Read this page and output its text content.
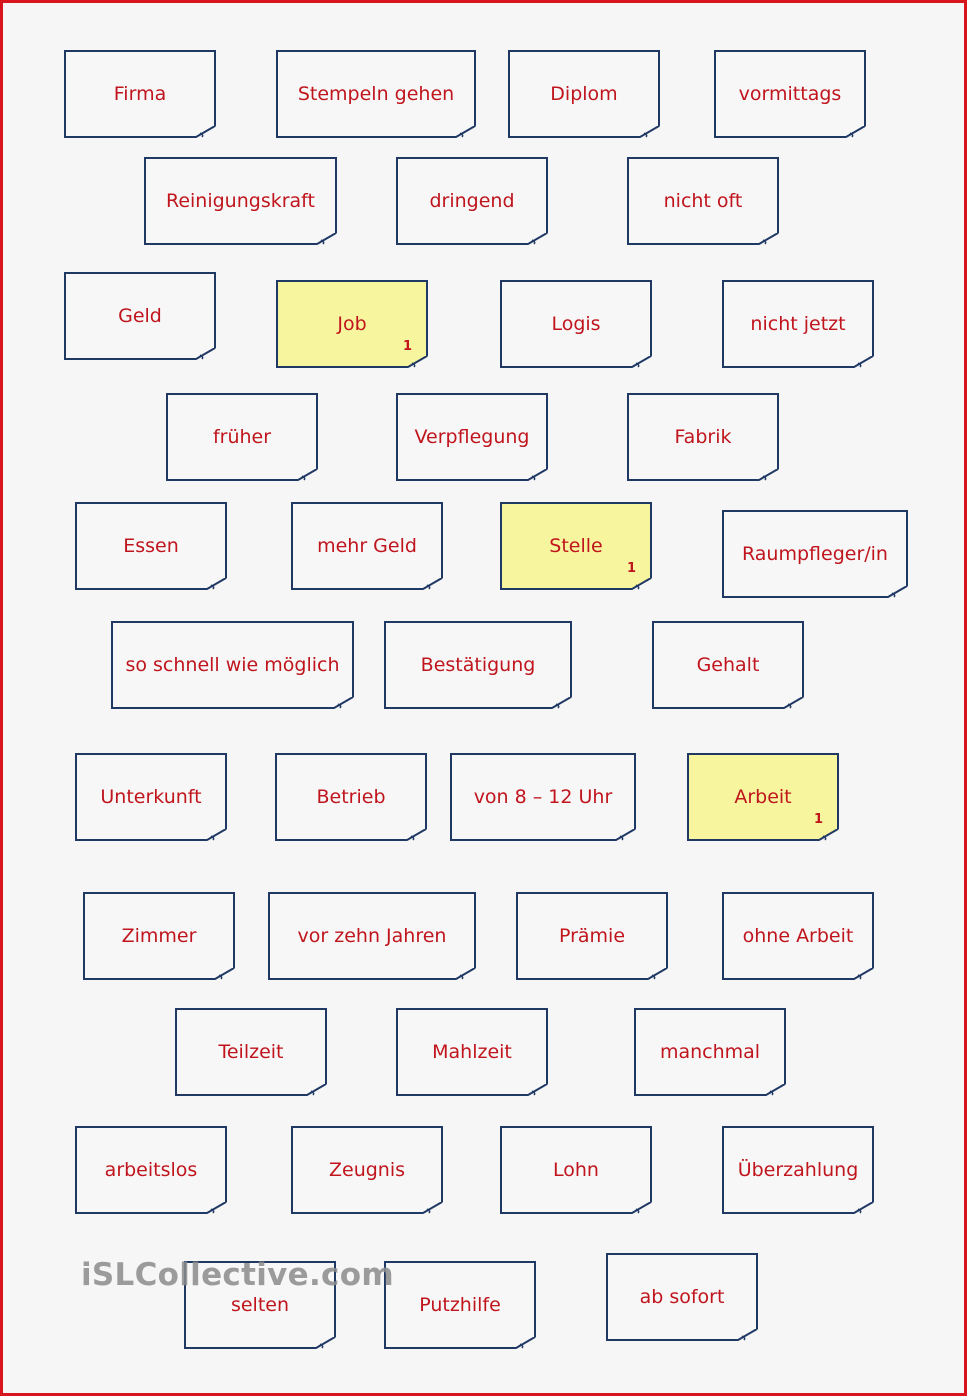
Firma	Stempeln gehen	Diplom	vormittags
Reinigungskraft	dringend	nicht oft
Geld	Job
1
Logis	nicht jetzt
früher	Verpflegung	Fabrik
Essen	mehr Geld	Stelle
1
Raumpfleger/in
so schnell wie möglich	Bestätigung	Gehalt
Unterkunft	Betrieb	von 8 – 12 Uhr	Arbeit
1
Zimmer	vor zehn Jahren	Prämie	ohne Arbeit
Teilzeit	Mahlzeit	manchmal
arbeitslos	Zeugnis	Lohn	Überzahlung
selten	Putzhilfe	ab sofort
iSLCollective.com
